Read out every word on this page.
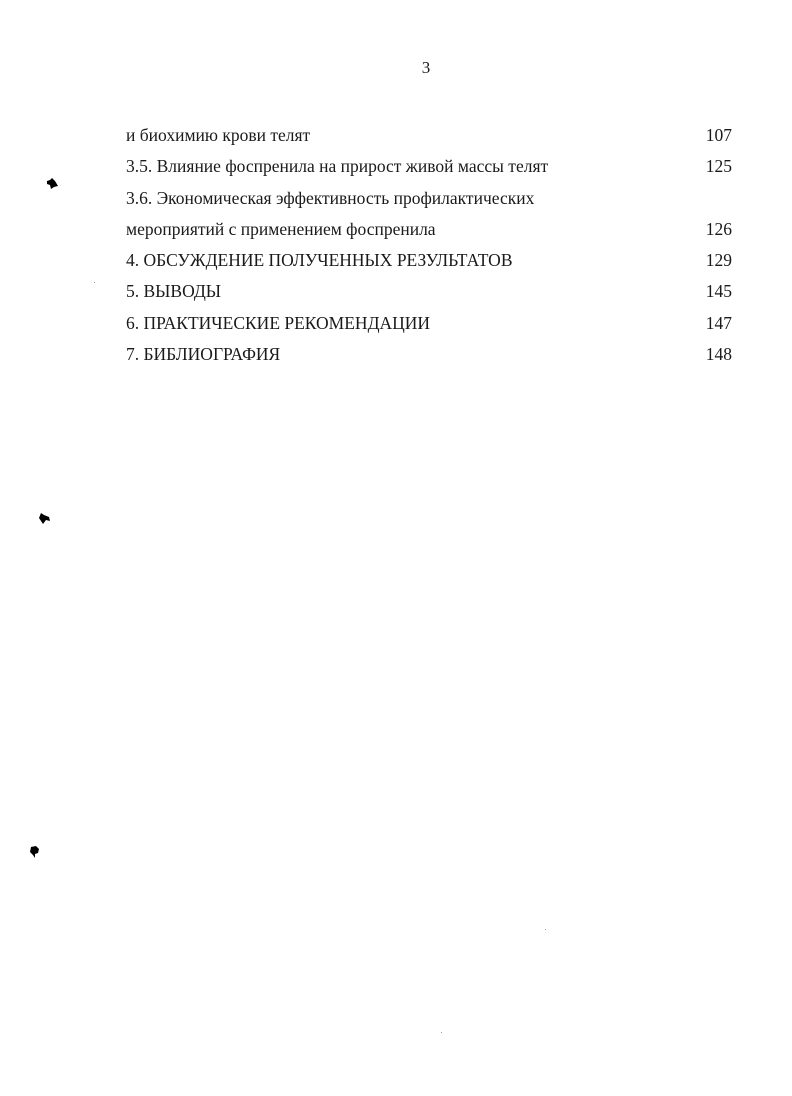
3
и биохимию крови телят	107
3.5. Влияние фоспренила на прирост живой массы телят	125
3.6. Экономическая эффективность профилактических
мероприятий с применением фоспренила	126
4. ОБСУЖДЕНИЕ ПОЛУЧЕННЫХ РЕЗУЛЬТАТОВ	129
5. ВЫВОДЫ	145
6. ПРАКТИЧЕСКИЕ РЕКОМЕНДАЦИИ	147
7. БИБЛИОГРАФИЯ	148
